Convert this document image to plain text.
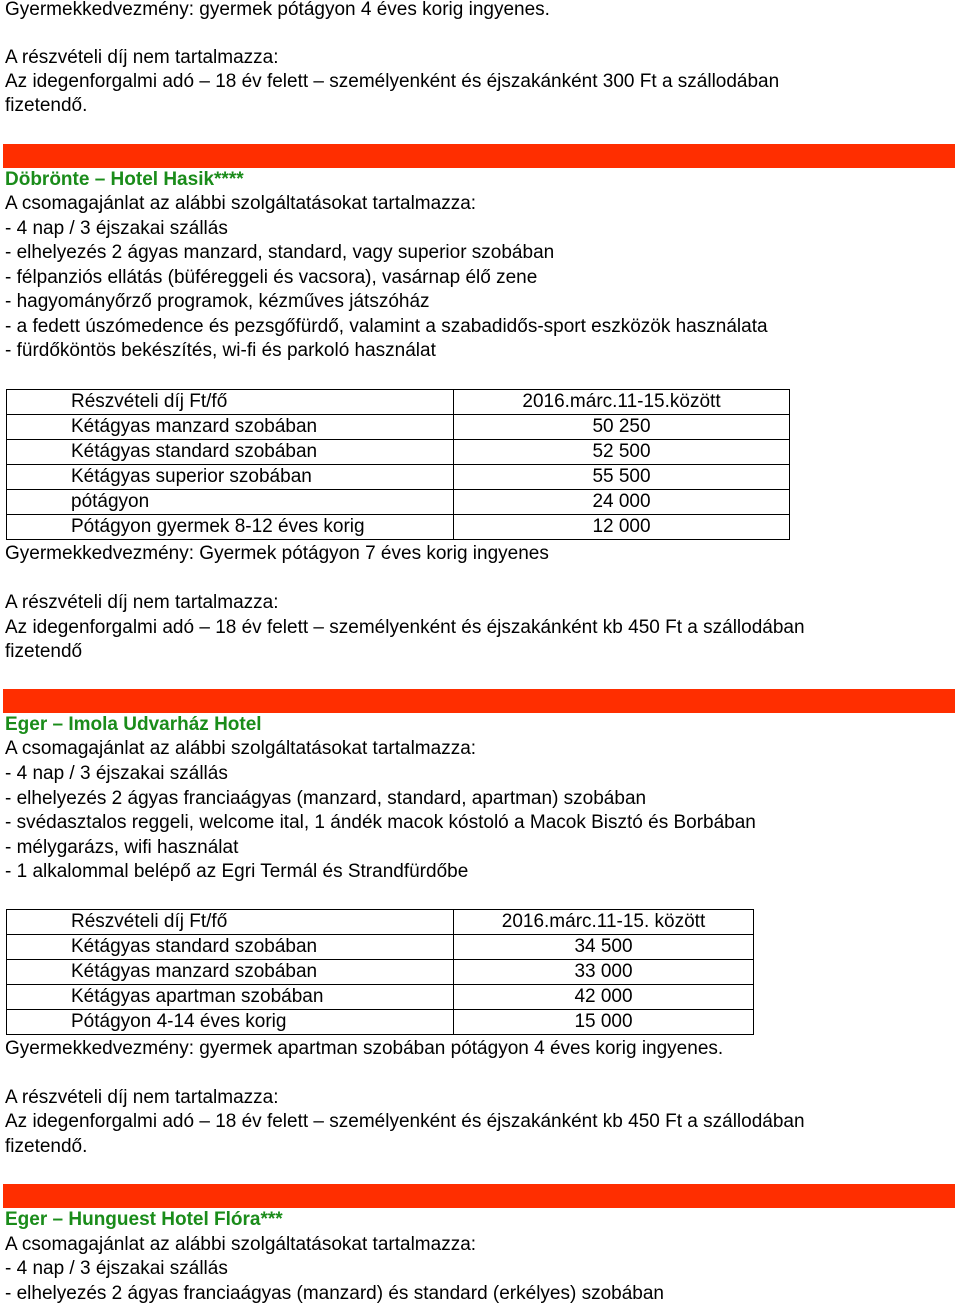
Gyermekkedvezmény: gyermek pótágyon 4 éves korig ingyenes.
A részvételi díj nem tartalmazza:
Az idegenforgalmi adó – 18 év felett – személyenként és éjszakánként 300 Ft a szállodában
fizetendő.
Döbrönte – Hotel Hasik****
A csomagajánlat az alábbi szolgáltatásokat tartalmazza:
- 4 nap / 3 éjszakai szállás
- elhelyezés 2 ágyas manzard, standard, vagy superior szobában
- félpanziós ellátás (büféreggeli és vacsora), vasárnap élő zene
- hagyományőrző programok, kézműves játszóház
- a fedett úszómedence és pezsgőfürdő, valamint a szabadidős-sport eszközök használata
- fürdőköntös bekészítés, wi-fi és parkoló használat
Részvételi díj Ft/fő	2016.márc.11-15.között
Kétágyas manzard szobában	50 250
Kétágyas standard szobában	52 500
Kétágyas superior szobában	55 500
pótágyon	24 000
Pótágyon gyermek 8-12 éves korig	12 000
Gyermekkedvezmény: Gyermek pótágyon 7 éves korig ingyenes
A részvételi díj nem tartalmazza:
Az idegenforgalmi adó – 18 év felett – személyenként és éjszakánként kb 450 Ft a szállodában
fizetendő
Eger – Imola Udvarház Hotel
A csomagajánlat az alábbi szolgáltatásokat tartalmazza:
- 4 nap / 3 éjszakai szállás
- elhelyezés 2 ágyas franciaágyas (manzard, standard, apartman) szobában
- svédasztalos reggeli, welcome ital, 1 ándék macok kóstoló a Macok Bisztó és Borbában
- mélygarázs, wifi használat
- 1 alkalommal belépő az Egri Termál és Strandfürdőbe
Részvételi díj Ft/fő	2016.márc.11-15. között
Kétágyas standard szobában	34 500
Kétágyas manzard szobában	33 000
Kétágyas apartman szobában	42 000
Pótágyon 4-14 éves korig	15 000
Gyermekkedvezmény: gyermek apartman szobában pótágyon 4 éves korig ingyenes.
A részvételi díj nem tartalmazza:
Az idegenforgalmi adó – 18 év felett – személyenként és éjszakánként kb 450 Ft a szállodában
fizetendő.
Eger – Hunguest Hotel Flóra***
A csomagajánlat az alábbi szolgáltatásokat tartalmazza:
- 4 nap / 3 éjszakai szállás
- elhelyezés 2 ágyas franciaágyas (manzard) és standard (erkélyes) szobában
